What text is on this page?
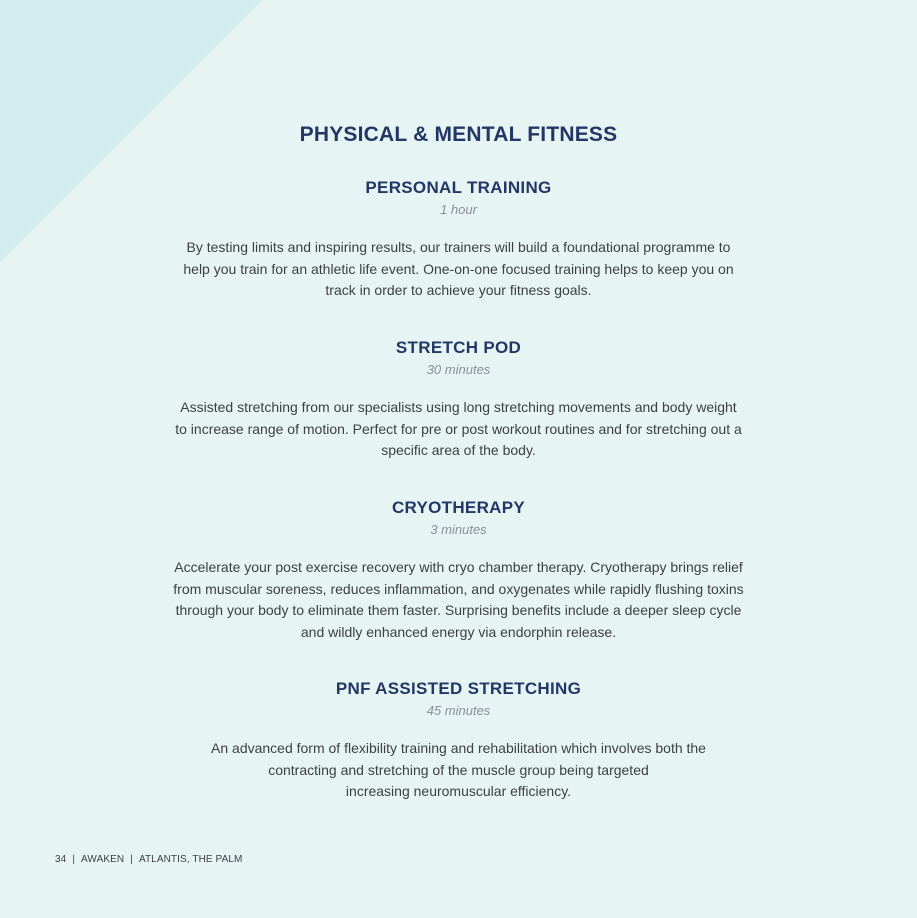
PHYSICAL & MENTAL FITNESS
PERSONAL TRAINING

1 hour

By testing limits and inspiring results, our trainers will build a foundational programme to
help you train for an athletic life event. One-on-one focused training helps to keep you on
track in order to achieve your fitness goals.

STRETCH POD

30 minutes

Assisted stretching from our specialists using long stretching movements and body weight
to increase range of motion. Perfect for pre or post workout routines and for stretching out a
specific area of the body.

CRYOTHERAPY

3 minutes

Accelerate your post exercise recovery with cryo chamber therapy. Cryotherapy brings relief
from muscular soreness, reduces inflammation, and oxygenates while rapidly flushing toxins
through your body to eliminate them faster. Surprising benefits include a deeper sleep cycle
and wildly enhanced energy via endorphin release.

PNF ASSISTED STRETCHING

45 minutes

An advanced form of flexibility training and rehabilitation which involves both the
contracting and stretching of the muscle group being targeted
increasing neuromuscular efficiency.

34 | AWAKEN | ATLANTIS, THE PALM
